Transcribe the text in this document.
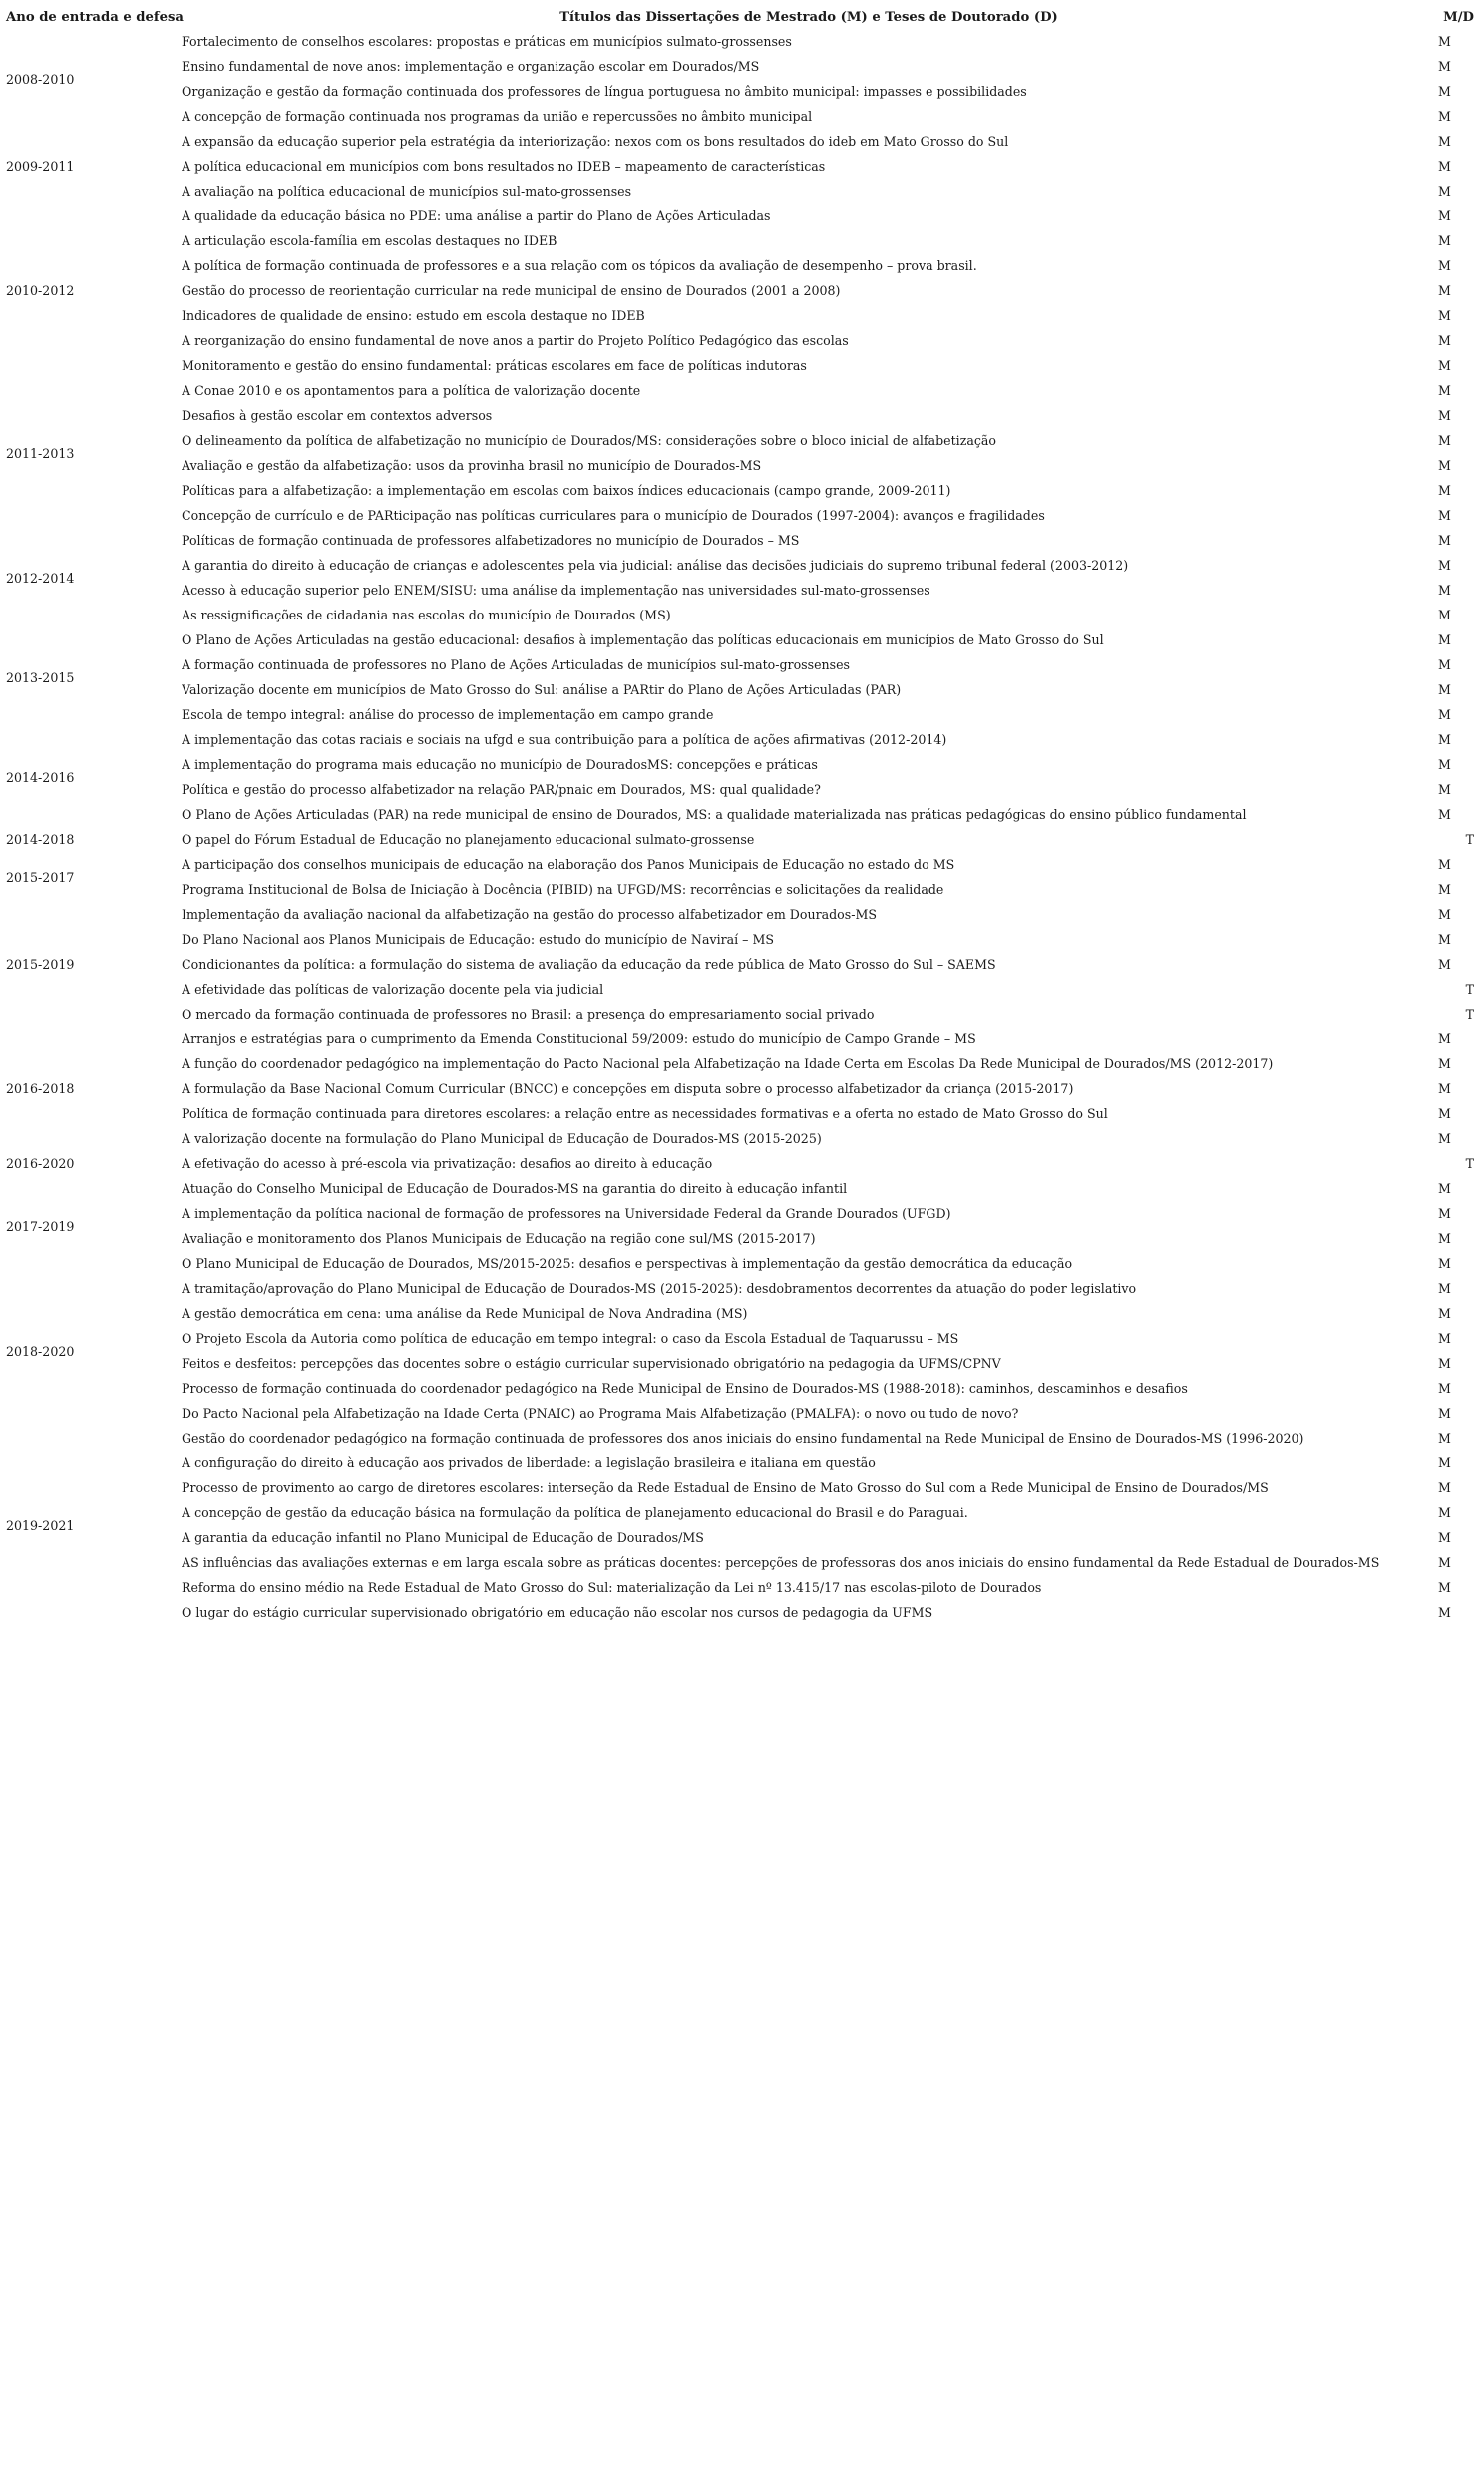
Ano de entrada e defesa	Títulos das Dissertações de Mestrado (M) e Teses de Doutorado (D)	M/D
2008-2010	Fortalecimento de conselhos escolares: propostas e práticas em municípios sulmato-grossenses	M
	Ensino fundamental de nove anos: implementação e organização escolar em Dourados/MS	M
	Organização e gestão da formação continuada dos professores de língua portuguesa no âmbito municipal: impasses e possibilidades	M
	A concepção de formação continuada nos programas da união e repercussões no âmbito municipal	M
2009-2011	A expansão da educação superior pela estratégia da interiorização: nexos com os bons resultados do ideb em Mato Grosso do Sul	M
	A política educacional em municípios com bons resultados no IDEB – mapeamento de características	M
	A avaliação na política educacional de municípios sul-mato-grossenses	M
2010-2012	A qualidade da educação básica no PDE: uma análise a partir do Plano de Ações Articuladas	M
	A articulação escola-família em escolas destaques no IDEB	M
	A política de formação continuada de professores e a sua relação com os tópicos da avaliação de desempenho – prova brasil.	M
	Gestão do processo de reorientação curricular na rede municipal de ensino de Dourados (2001 a 2008)	M
	Indicadores de qualidade de ensino: estudo em escola destaque no IDEB	M
	A reorganização do ensino fundamental de nove anos a partir do Projeto Político Pedagógico das escolas	M
	Monitoramento e gestão do ensino fundamental: práticas escolares em face de políticas indutoras	M
2011-2013	A Conae 2010 e os apontamentos para a política de valorização docente	M
	Desafios à gestão escolar em contextos adversos	M
	O delineamento da política de alfabetização no município de Dourados/MS: considerações sobre o bloco inicial de alfabetização	M
	Avaliação e gestão da alfabetização: usos da provinha brasil no município de Dourados-MS	M
	Políticas para a alfabetização: a implementação em escolas com baixos índices educacionais (campo grande, 2009-2011)	M
	Concepção de currículo e de PARticipação nas políticas curriculares para o município de Dourados (1997-2004): avanços e fragilidades	M
2012-2014	Políticas de formação continuada de professores alfabetizadores no município de Dourados – MS	M
	A garantia do direito à educação de crianças e adolescentes pela via judicial: análise das decisões judiciais do supremo tribunal federal (2003-2012)	M
	Acesso à educação superior pelo ENEM/SISU: uma análise da implementação nas universidades sul-mato-grossenses	M
	As ressignificações de cidadania nas escolas do município de Dourados (MS)	M
2013-2015	O Plano de Ações Articuladas na gestão educacional: desafios à implementação das políticas educacionais em municípios de Mato Grosso do Sul	M
	A formação continuada de professores no Plano de Ações Articuladas de municípios sul-mato-grossenses	M
	Valorização docente em municípios de Mato Grosso do Sul: análise a PARtir do Plano de Ações Articuladas (PAR)	M
	Escola de tempo integral: análise do processo de implementação em campo grande	M
2014-2016	A implementação das cotas raciais e sociais na ufgd e sua contribuição para a política de ações afirmativas (2012-2014)	M
	A implementação do programa mais educação no município de DouradosMS: concepções e práticas	M
	Política e gestão do processo alfabetizador na relação PAR/pnaic em Dourados, MS: qual qualidade?	M
	O Plano de Ações Articuladas (PAR) na rede municipal de ensino de Dourados, MS: a qualidade materializada nas práticas pedagógicas do ensino público fundamental	M
2014-2018	O papel do Fórum Estadual de Educação no planejamento educacional sulmato-grossense	T
2015-2017	A participação dos conselhos municipais de educação na elaboração dos Panos Municipais de Educação no estado do MS	M
	Programa Institucional de Bolsa de Iniciação à Docência (PIBID) na UFGD/MS: recorrências e solicitações da realidade	M
2015-2019	Implementação da avaliação nacional da alfabetização na gestão do processo alfabetizador em Dourados-MS	M
	Do Plano Nacional aos Planos Municipais de Educação: estudo do município de Naviraí – MS	M
	Condicionantes da política: a formulação do sistema de avaliação da educação da rede pública de Mato Grosso do Sul – SAEMS	M
	A efetividade das políticas de valorização docente pela via judicial	T
	O mercado da formação continuada de professores no Brasil: a presença do empresariamento social privado	T
2016-2018	Arranjos e estratégias para o cumprimento da Emenda Constitucional 59/2009: estudo do município de Campo Grande – MS	M
	A função do coordenador pedagógico na implementação do Pacto Nacional pela Alfabetização na Idade Certa em Escolas Da Rede Municipal de Dourados/MS (2012-2017)	M
	A formulação da Base Nacional Comum Curricular (BNCC) e concepções em disputa sobre o processo alfabetizador da criança (2015-2017)	M
	Política de formação continuada para diretores escolares: a relação entre as necessidades formativas e a oferta no estado de Mato Grosso do Sul	M
	A valorização docente na formulação do Plano Municipal de Educação de Dourados-MS (2015-2025)	M
2016-2020	A efetivação do acesso à pré-escola via privatização: desafios ao direito à educação	T
2017-2019	Atuação do Conselho Municipal de Educação de Dourados-MS na garantia do direito à educação infantil	M
	A implementação da política nacional de formação de professores na Universidade Federal da Grande Dourados (UFGD)	M
	Avaliação e monitoramento dos Planos Municipais de Educação na região cone sul/MS (2015-2017)	M
	O Plano Municipal de Educação de Dourados, MS/2015-2025: desafios e perspectivas à implementação da gestão democrática da educação	M
2018-2020	A tramitação/aprovação do Plano Municipal de Educação de Dourados-MS (2015-2025): desdobramentos decorrentes da atuação do poder legislativo	M
	A gestão democrática em cena: uma análise da Rede Municipal de Nova Andradina (MS)	M
	O Projeto Escola da Autoria como política de educação em tempo integral: o caso da Escola Estadual de Taquarussu – MS	M
	Feitos e desfeitos: percepções das docentes sobre o estágio curricular supervisionado obrigatório na pedagogia da UFMS/CPNV	M
	Processo de formação continuada do coordenador pedagógico na Rede Municipal de Ensino de Dourados-MS (1988-2018): caminhos, descaminhos e desafios	M
	Do Pacto Nacional pela Alfabetização na Idade Certa (PNAIC) ao Programa Mais Alfabetização (PMALFA): o novo ou tudo de novo?	M
2019-2021	Gestão do coordenador pedagógico na formação continuada de professores dos anos iniciais do ensino fundamental na Rede Municipal de Ensino de Dourados-MS (1996-2020)	M
	A configuração do direito à educação aos privados de liberdade: a legislação brasileira e italiana em questão	M
	Processo de provimento ao cargo de diretores escolares: interseção da Rede Estadual de Ensino de Mato Grosso do Sul com a Rede Municipal de Ensino de Dourados/MS	M
	A concepção de gestão da educação básica na formulação da política de planejamento educacional do Brasil e do Paraguai.	M
	A garantia da educação infantil no Plano Municipal de Educação de Dourados/MS	M
	AS influências das avaliações externas e em larga escala sobre as práticas docentes: percepções de professoras dos anos iniciais do ensino fundamental da Rede Estadual de Dourados-MS	M
	Reforma do ensino médio na Rede Estadual de Mato Grosso do Sul: materialização da Lei nº 13.415/17 nas escolas-piloto de Dourados	M
	O lugar do estágio curricular supervisionado obrigatório em educação não escolar nos cursos de pedagogia da UFMS	M
